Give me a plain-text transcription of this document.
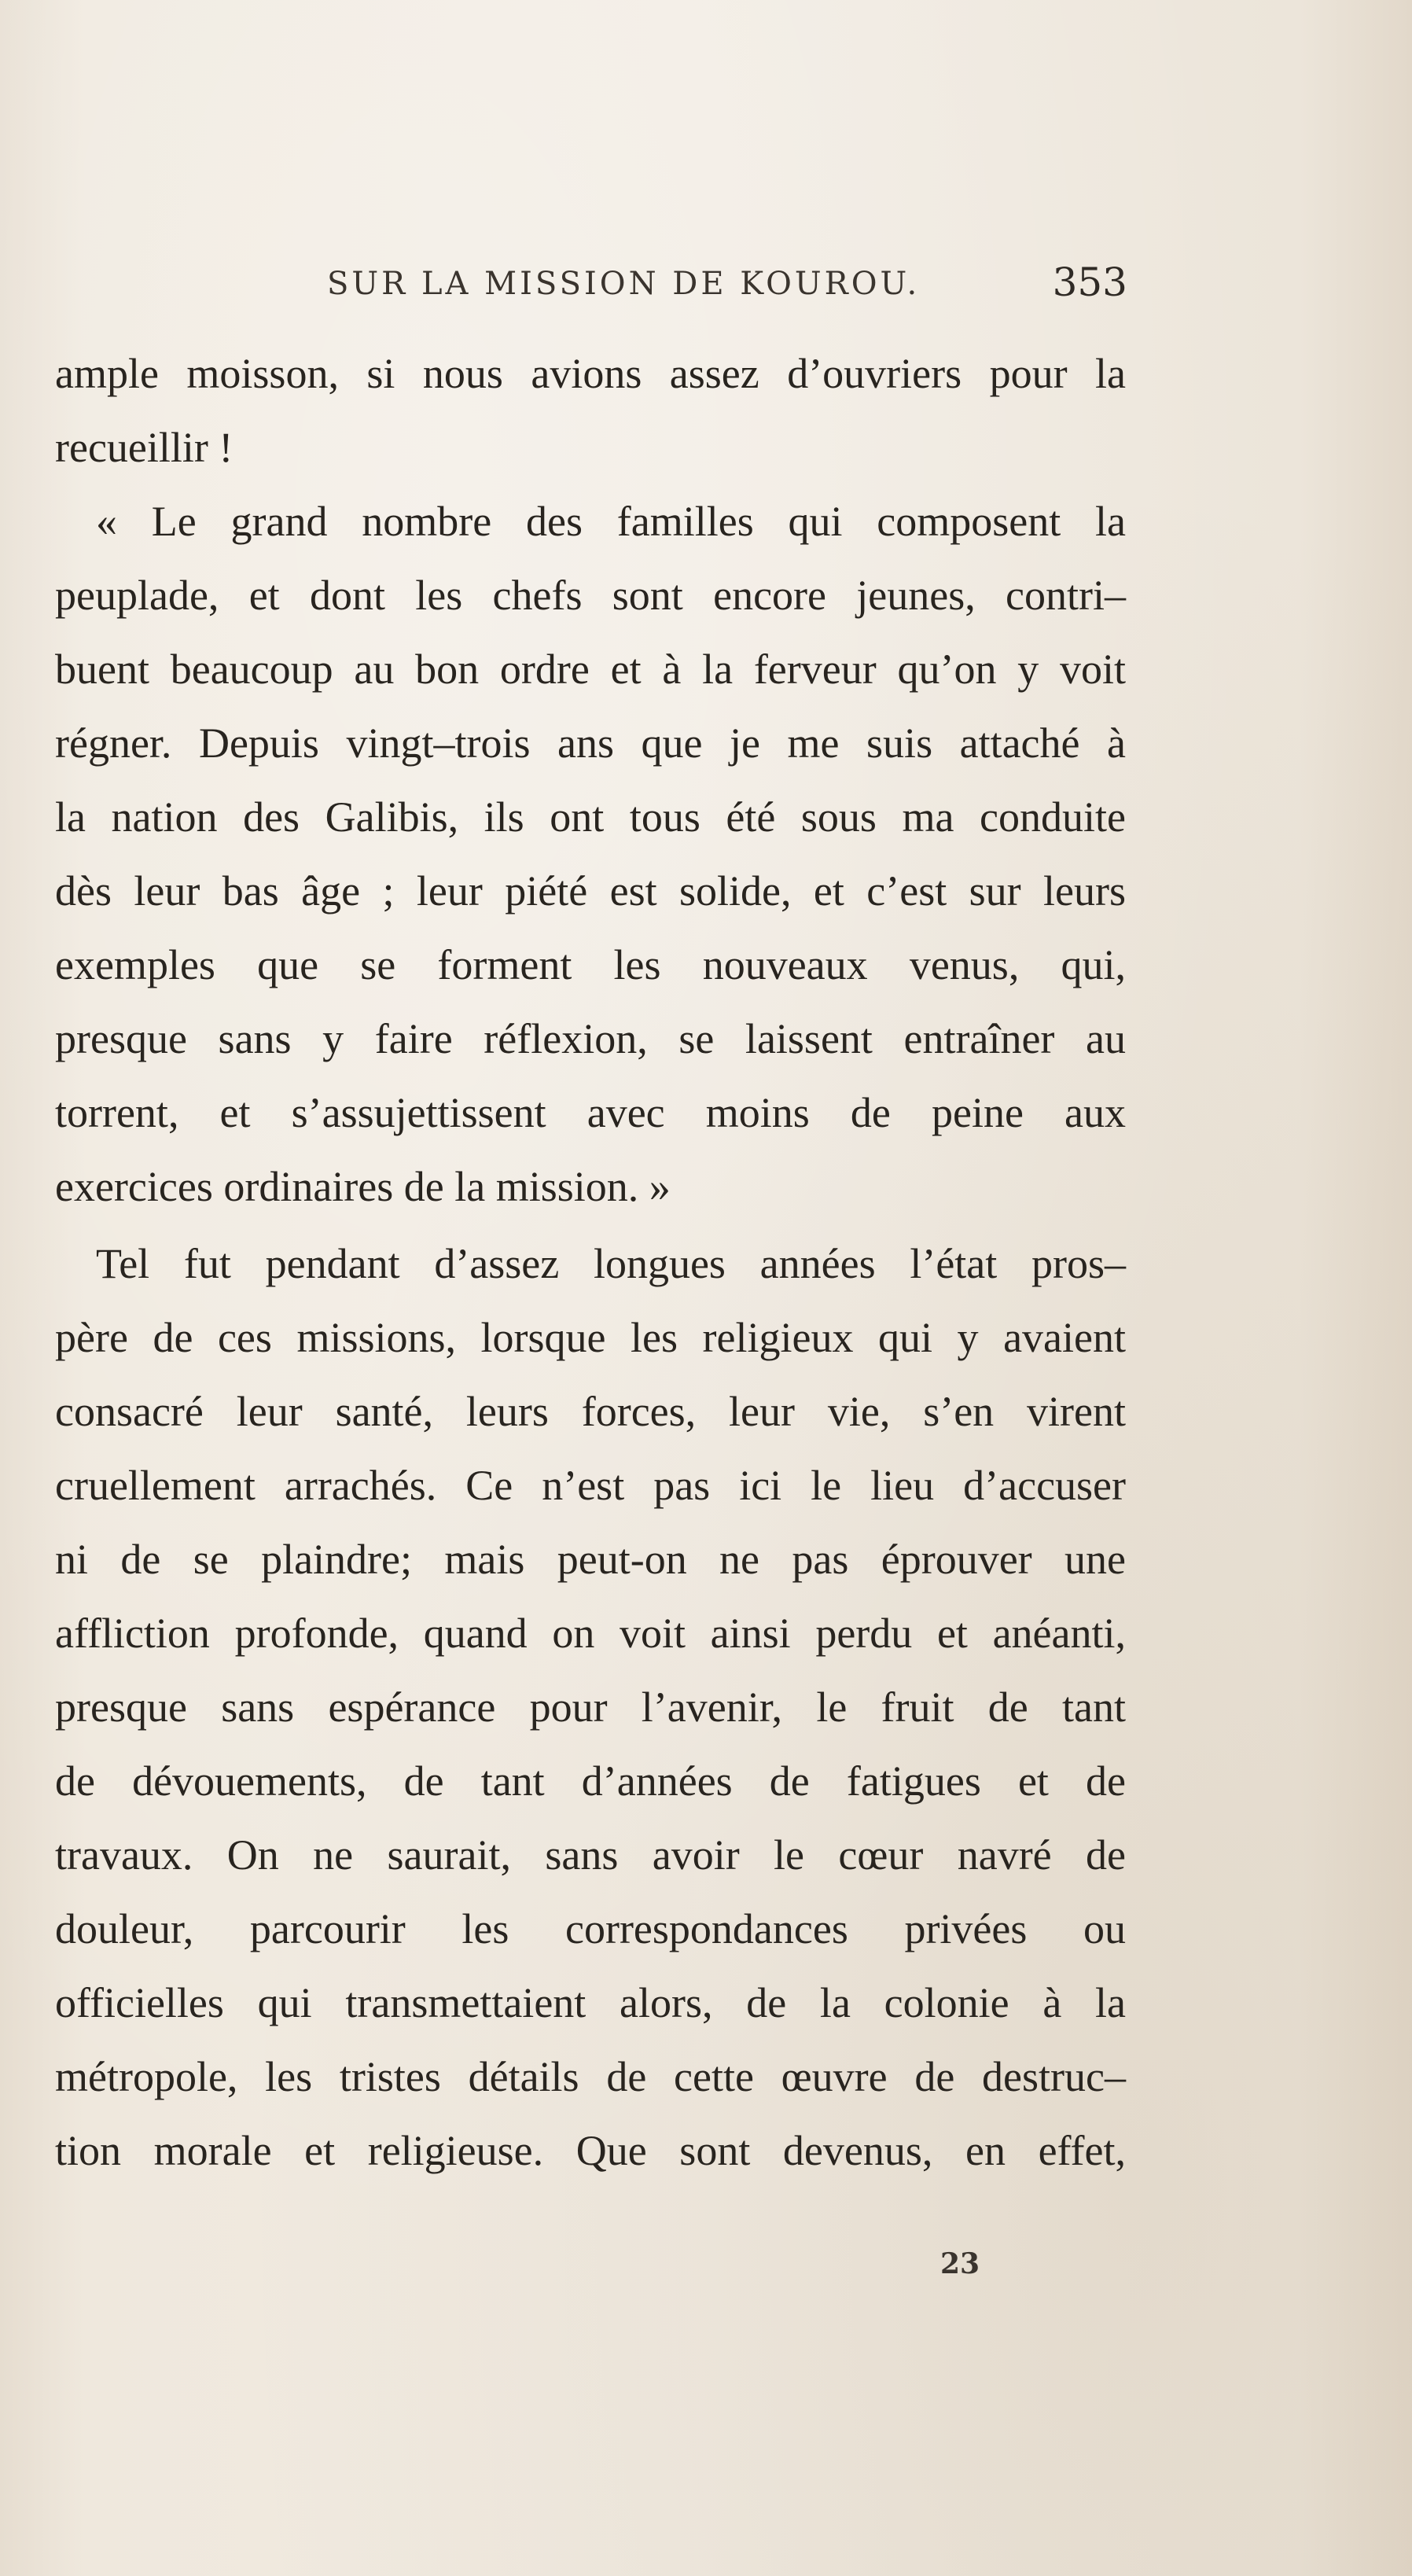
SUR LA MISSION DE KOUROU.	353
ample moisson, si nous avions assez d’ouvriers pour la
recueillir !
« Le grand nombre des familles qui composent la
peuplade, et dont les chefs sont encore jeunes, contri–
buent beaucoup au bon ordre et à la ferveur qu’on y voit
régner. Depuis vingt–trois ans que je me suis attaché à
la nation des Galibis, ils ont tous été sous ma conduite
dès leur bas âge ; leur piété est solide, et c’est sur leurs
exemples que se forment les nouveaux venus, qui,
presque sans y faire réflexion, se laissent entraîner au
torrent, et s’assujettissent avec moins de peine aux
exercices ordinaires de la mission. »
Tel fut pendant d’assez longues années l’état pros–
père de ces missions, lorsque les religieux qui y avaient
consacré leur santé, leurs forces, leur vie, s’en virent
cruellement arrachés. Ce n’est pas ici le lieu d’accuser
ni de se plaindre; mais peut-on ne pas éprouver une
affliction profonde, quand on voit ainsi perdu et anéanti,
presque sans espérance pour l’avenir, le fruit de tant
de dévouements, de tant d’années de fatigues et de
travaux. On ne saurait, sans avoir le cœur navré de
douleur, parcourir les correspondances privées ou
officielles qui transmettaient alors, de la colonie à la
métropole, les tristes détails de cette œuvre de destruc–
tion morale et religieuse. Que sont devenus, en effet,
23
